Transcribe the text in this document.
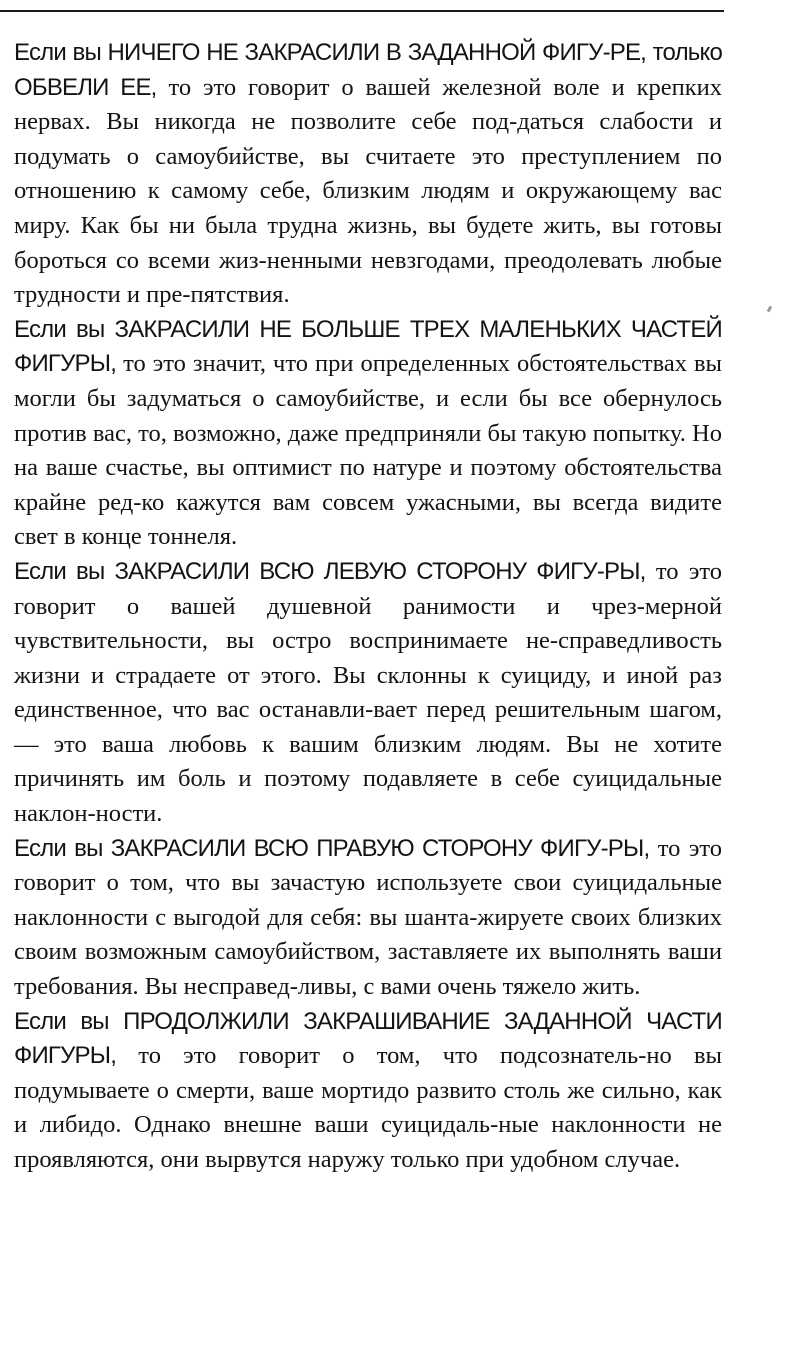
Если вы НИЧЕГО НЕ ЗАКРАСИЛИ В ЗАДАННОЙ ФИГУ-РЕ, только ОБВЕЛИ ЕЕ, то это говорит о вашей железной воле и крепких нервах. Вы никогда не позволите себе под-даться слабости и подумать о самоубийстве, вы считаете это преступлением по отношению к самому себе, близким людям и окружающему вас миру. Как бы ни была трудна жизнь, вы будете жить, вы готовы бороться со всеми жиз-ненными невзгодами, преодолевать любые трудности и пре-пятствия.

Если вы ЗАКРАСИЛИ НЕ БОЛЬШЕ ТРЕХ МАЛЕНЬКИХ ЧАСТЕЙ ФИГУРЫ, то это значит, что при определенных обстоятельствах вы могли бы задуматься о самоубийстве, и если бы все обернулось против вас, то, возможно, даже предприняли бы такую попытку. Но на ваше счастье, вы оптимист по натуре и поэтому обстоятельства крайне ред-ко кажутся вам совсем ужасными, вы всегда видите свет в конце тоннеля.

Если вы ЗАКРАСИЛИ ВСЮ ЛЕВУЮ СТОРОНУ ФИГУ-РЫ, то это говорит о вашей душевной ранимости и чрез-мерной чувствительности, вы остро воспринимаете не-справедливость жизни и страдаете от этого. Вы склонны к суициду, и иной раз единственное, что вас останавли-вает перед решительным шагом, — это ваша любовь к вашим близким людям. Вы не хотите причинять им боль и поэтому подавляете в себе суицидальные наклон-ности.

Если вы ЗАКРАСИЛИ ВСЮ ПРАВУЮ СТОРОНУ ФИГУ-РЫ, то это говорит о том, что вы зачастую используете свои суицидальные наклонности с выгодой для себя: вы шанта-жируете своих близких своим возможным самоубийством, заставляете их выполнять ваши требования. Вы несправед-ливы, с вами очень тяжело жить.

Если вы ПРОДОЛЖИЛИ ЗАКРАШИВАНИЕ ЗАДАННОЙ ЧАСТИ ФИГУРЫ, то это говорит о том, что подсознатель-но вы подумываете о смерти, ваше мортидо развито столь же сильно, как и либидо. Однако внешне ваши суицидаль-ные наклонности не проявляются, они вырвутся наружу только при удобном случае.
